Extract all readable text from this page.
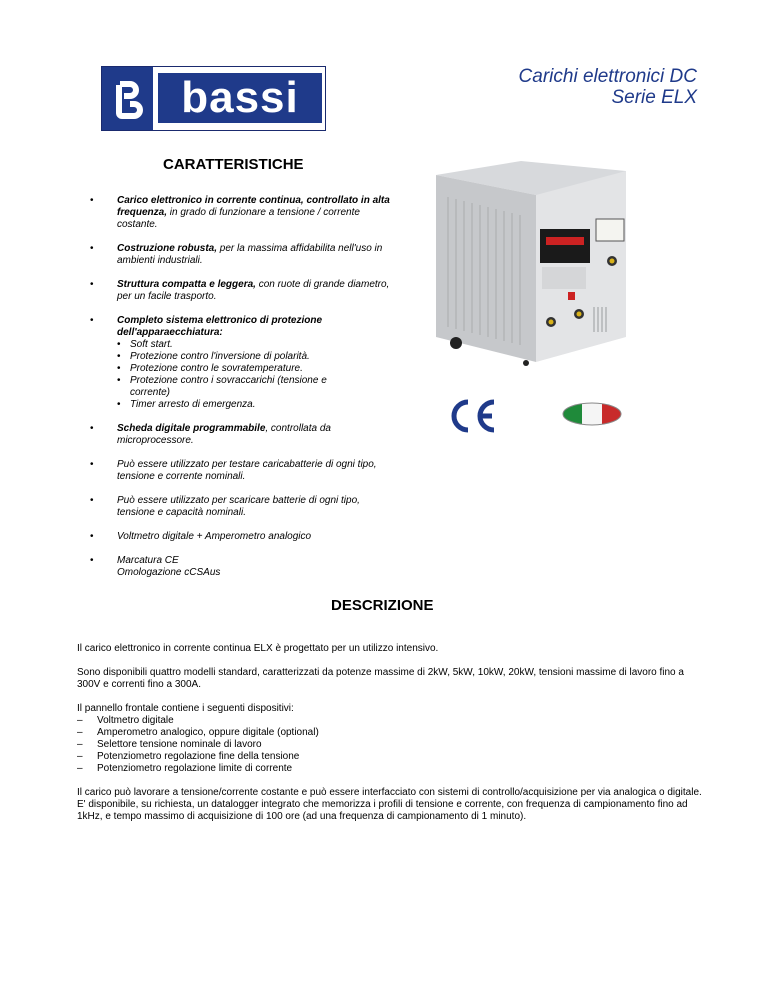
bassi	Carichi elettronici DC
Serie ELX
CARATTERISTICHE
• Carico elettronico in corrente continua, controllato in alta frequenza, in grado di funzionare a tensione / corrente costante.
• Costruzione robusta, per la massima affidabilita nell'uso in ambienti industriali.
• Struttura compatta e leggera, con ruote di grande diametro, per un facile trasporto.
• Completo sistema elettronico di protezione dell'apparaecchiatura:
• Soft start.
• Protezione contro l'inversione di polarità.
• Protezione contro le sovratemperature.
• Protezione contro i sovraccarichi (tensione e corrente)
• Timer arresto di emergenza.
• Scheda digitale programmabile, controllata da microprocessore.
• Può essere utilizzato per testare caricabatterie di ogni tipo, tensione e corrente nominali.
• Può essere utilizzato per scaricare batterie di ogni tipo, tensione e capacità nominali.
• Voltmetro digitale + Amperometro analogico
• Marcatura CE
Omologazione cCSAus
DESCRIZIONE

Il carico elettronico in corrente continua ELX è progettato per un utilizzo intensivo.

Sono disponibili quattro modelli standard, caratterizzati da potenze massime di 2kW, 5kW, 10kW, 20kW, tensioni massime di lavoro fino a 300V e correnti fino a 300A.

Il pannello frontale contiene i seguenti dispositivi:

– Voltmetro digitale
– Amperometro analogico, oppure digitale (optional)
– Selettore tensione nominale di lavoro
– Potenziometro regolazione fine della tensione
– Potenziometro regolazione limite di corrente

Il carico può lavorare a tensione/corrente costante e può essere interfacciato con sistemi di controllo/acquisizione per via analogica o digitale.

E' disponibile, su richiesta, un datalogger integrato che memorizza i profili di tensione e corrente, con frequenza di campionamento fino ad 1kHz, e tempo massimo di acquisizione di 100 ore (ad una frequenza di campionamento di 1 minuto).
